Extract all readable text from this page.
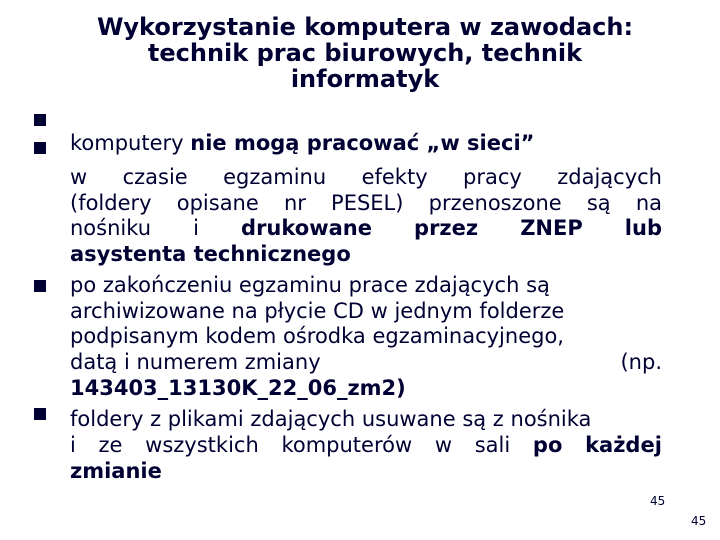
Wykorzystanie komputera w zawodach:
technik prac biurowych, technik
informatyk
komputery nie mogą pracować „w sieci”
w czasie egzaminu efekty pracy zdających
(foldery opisane nr PESEL) przenoszone są na
nośniku i drukowane przez ZNEP lub
asystenta technicznego
po zakończeniu egzaminu prace zdających są
archiwizowane na płycie CD w jednym folderze
podpisanym kodem ośrodka egzaminacyjnego,
datą i numerem zmiany	(np.
143403_13130K_22_06_zm2)
foldery z plikami zdających usuwane są z nośnika
i ze wszystkich komputerów w sali po każdej
zmianie
45
45
